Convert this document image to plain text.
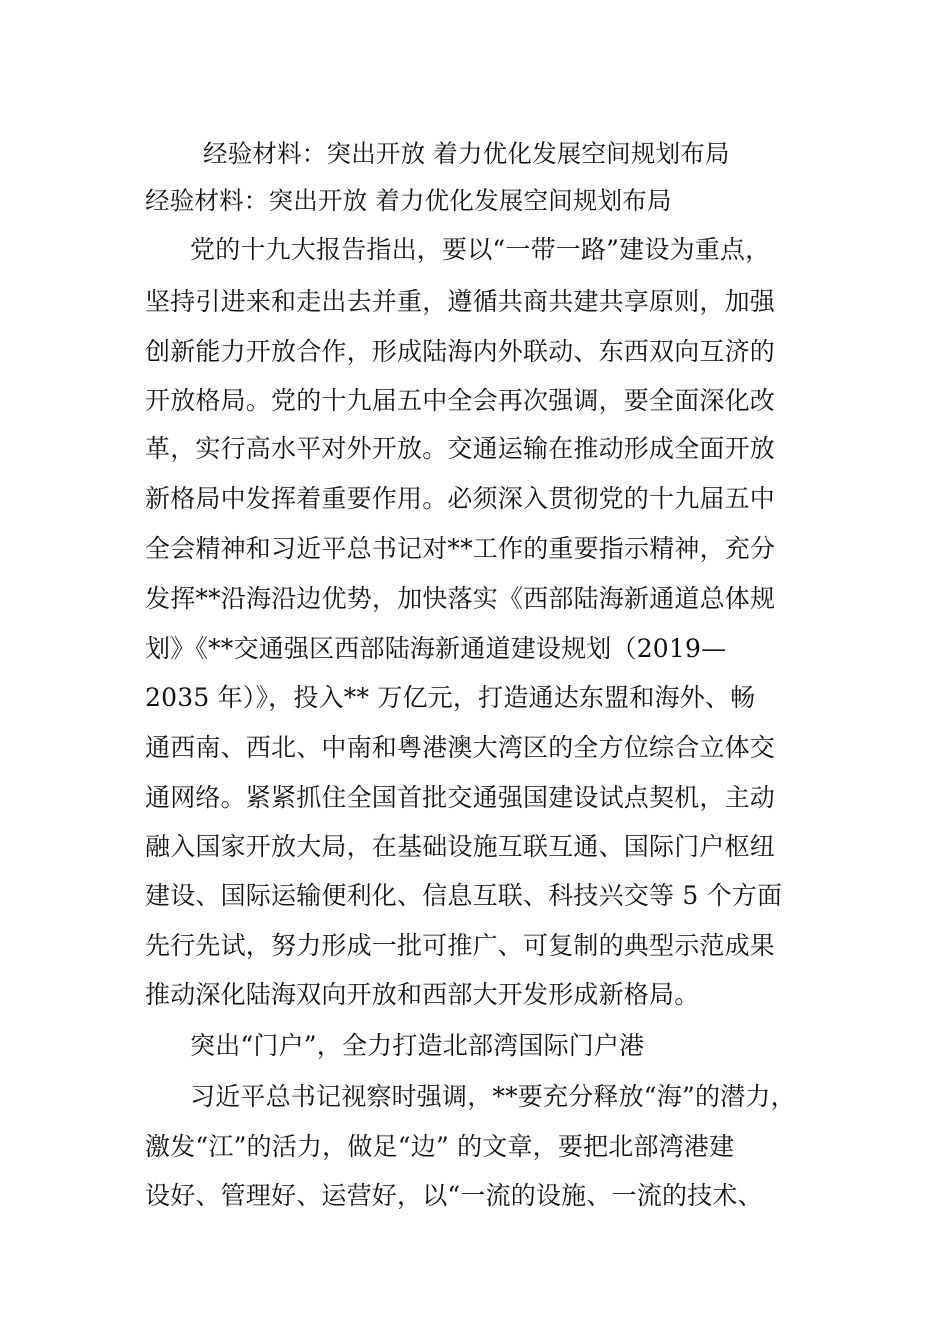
经验材料：突出开放 着力优化发展空间规划布局
经验材料：突出开放 着力优化发展空间规划布局
党的十九大报告指出，要以“一带一路”建设为重点，
坚持引进来和走出去并重，遵循共商共建共享原则，加强
创新能力开放合作，形成陆海内外联动、东西双向互济的
开放格局。党的十九届五中全会再次强调，要全面深化改
革，实行高水平对外开放。交通运输在推动形成全面开放
新格局中发挥着重要作用。必须深入贯彻党的十九届五中
全会精神和习近平总书记对**工作的重要指示精神，充分
发挥**沿海沿边优势，加快落实《西部陆海新通道总体规
划》《**交通强区西部陆海新通道建设规划（2019—
2035 年）》，投入** 万亿元，打造通达东盟和海外、畅
通西南、西北、中南和粤港澳大湾区的全方位综合立体交
通网络。紧紧抓住全国首批交通强国建设试点契机，主动
融入国家开放大局，在基础设施互联互通、国际门户枢纽
建设、国际运输便利化、信息互联、科技兴交等 5 个方面
先行先试，努力形成一批可推广、可复制的典型示范成果
推动深化陆海双向开放和西部大开发形成新格局。
突出“门户”，全力打造北部湾国际门户港
习近平总书记视察时强调，**要充分释放“海”的潜力，
激发“江”的活力，做足“边” 的文章，要把北部湾港建
设好、管理好、运营好，以“一流的设施、一流的技术、
